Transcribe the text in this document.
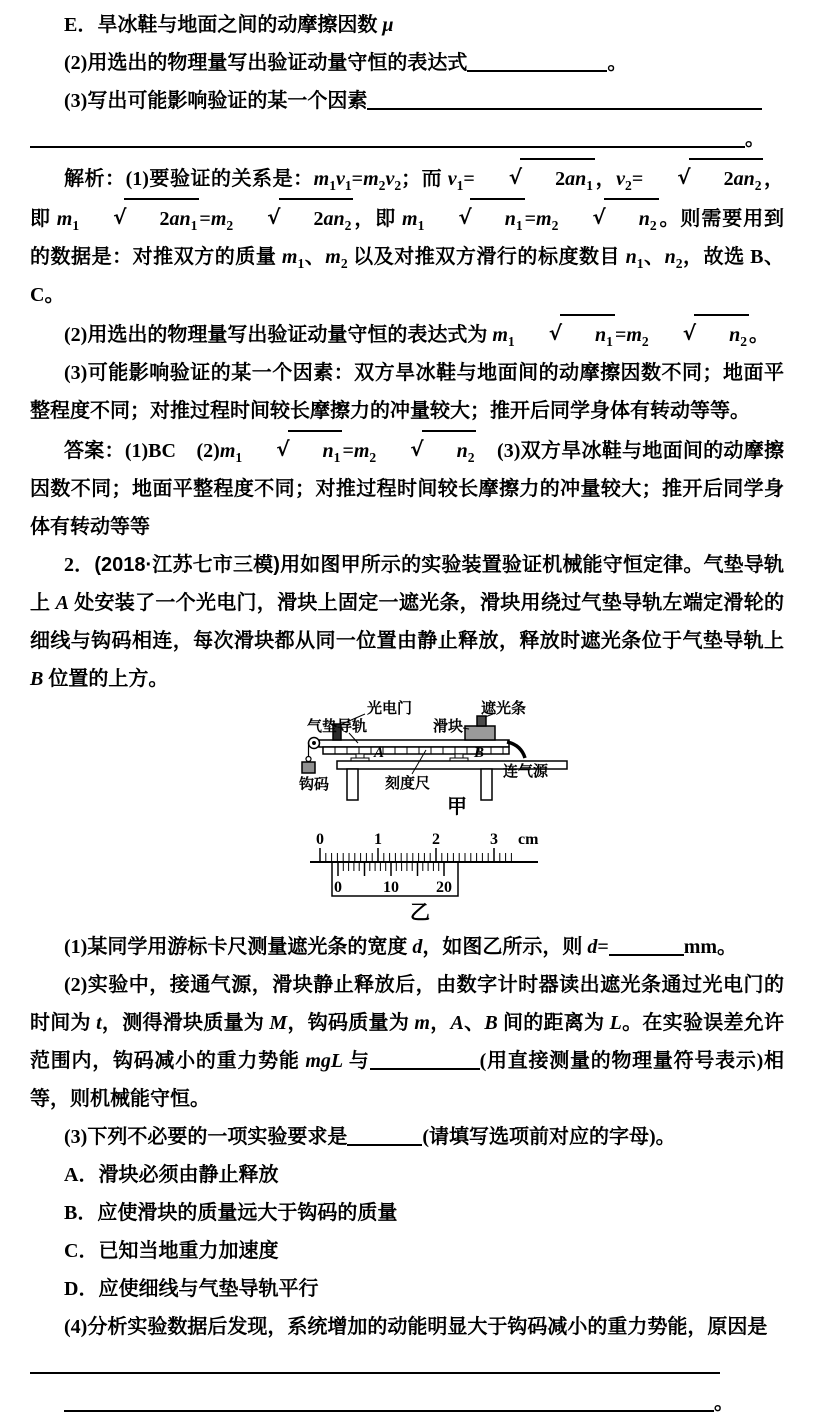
E．旱冰鞋与地面之间的动摩擦因数 μ

(2)用选出的物理量写出验证动量守恒的表达式	。

(3)写出可能影响验证的某一个因素

。

解析：(1)要验证的关系是：$m_1v_1=m_2v_2$；而 $v_1=$ √ $2an_1$ ，$v_2=$ √ $2an_2$ ，即 $m_1$ √ $2an_1 =m_2$ √ $2an_2$ ，即 $m_1$ √ $n_1 =m_2$ √ $n_2$ 。则需要用到的数据是：对推双方的质量 $m_1$、$m_2$ 以及对推双方滑行的标度数目 $n_1$、$n_2$，故选 B、C。

(2)用选出的物理量写出验证动量守恒的表达式为 $m_1$ √ $n_1 =m_2$ √ $n_2$ 。

(3)可能影响验证的某一个因素：双方旱冰鞋与地面间的动摩擦因数不同；地面平整程度不同；对推过程时间较长摩擦力的冲量较大；推开后同学身体有转动等等。

答案：(1)BC　$(2)m_1$ √ $n_1 =m_2$ √ $n_2$　(3)双方旱冰鞋与地面间的动摩擦因数不同；地面平整程度不同；对推过程时间较长摩擦力的冲量较大；推开后同学身体有转动等等

2．(2018·江苏七市三模)用如图甲所示的实验装置验证机械能守恒定律。气垫导轨上 A 处安装了一个光电门，滑块上固定一遮光条，滑块用绕过气垫导轨左端定滑轮的细线与钩码相连，每次滑块都从同一位置由静止释放，释放时遮光条位于气垫导轨上 B 位置的上方。

光电门	遮光条
气垫导轨	滑块
钩码	刻度尺
连气源
A	B
甲
0	1	2	3 cm
0	10 20
乙

(1)某同学用游标卡尺测量遮光条的宽度 d，如图乙所示，则 d=	mm。

(2)实验中，接通气源，滑块静止释放后，由数字计时器读出遮光条通过光电门的时间为 t，测得滑块质量为 M，钩码质量为 m，A、B 间的距离为 L。在实验误差允许范围内，钩码减小的重力势能 mgL 与	(用直接测量的物理量符号表示)相等，则机械能守恒。

(3)下列不必要的一项实验要求是	(请填写选项前对应的字母)。

A．滑块必须由静止释放

B．应使滑块的质量远大于钩码的质量

C．已知当地重力加速度

D．应使细线与气垫导轨平行

(4)分析实验数据后发现，系统增加的动能明显大于钩码减小的重力势能，原因是

。
